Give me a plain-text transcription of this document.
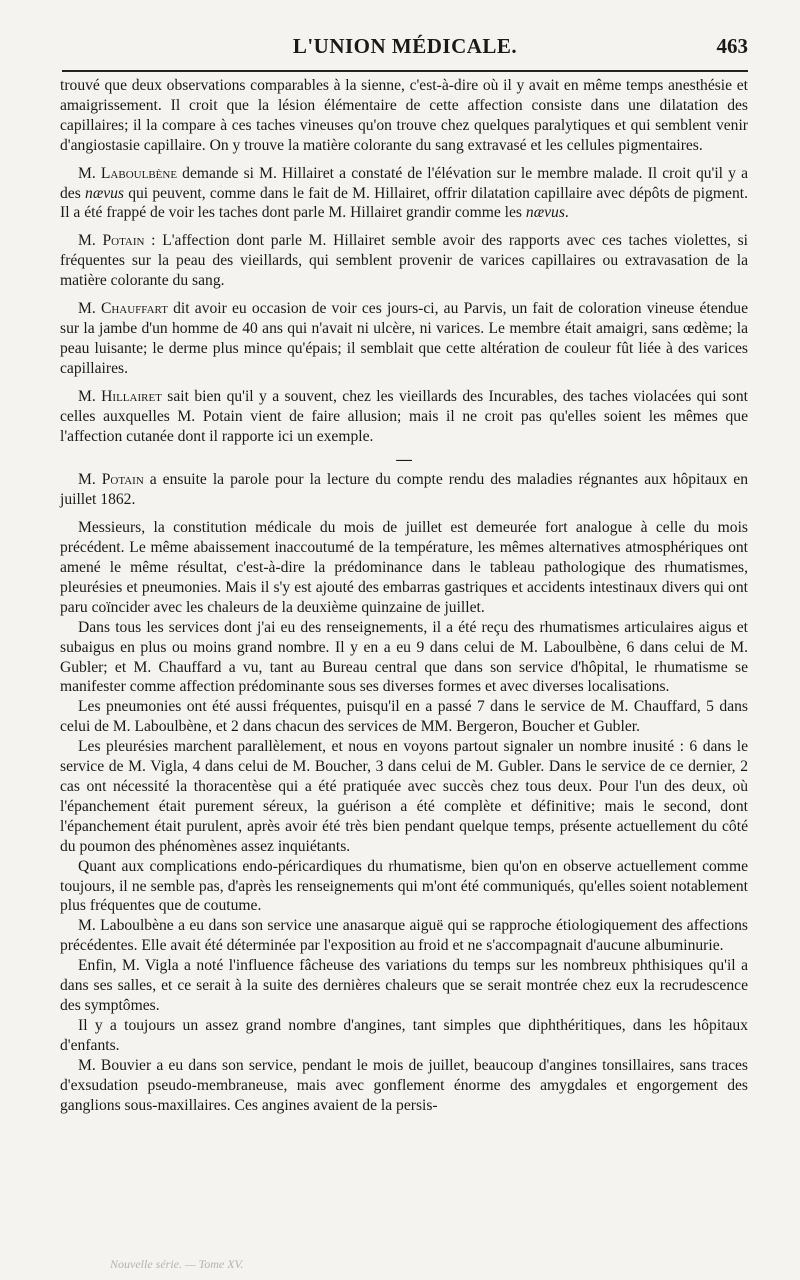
L'UNION MÉDICALE.	463

trouvé que deux observations comparables à la sienne, c'est-à-dire où il y avait en même temps anesthésie et amaigrissement. Il croit que la lésion élémentaire de cette affection consiste dans une dilatation des capillaires; il la compare à ces taches vineuses qu'on trouve chez quelques paralytiques et qui semblent venir d'angiostasie capillaire. On y trouve la matière colorante du sang extravasé et les cellules pigmentaires.

M. Laboulbène demande si M. Hillairet a constaté de l'élévation sur le membre malade. Il croit qu'il y a des nævus qui peuvent, comme dans le fait de M. Hillairet, offrir dilatation capillaire avec dépôts de pigment. Il a été frappé de voir les taches dont parle M. Hillairet grandir comme les nævus.

M. Potain : L'affection dont parle M. Hillairet semble avoir des rapports avec ces taches violettes, si fréquentes sur la peau des vieillards, qui semblent provenir de varices capillaires ou extravasation de la matière colorante du sang.

M. Chauffart dit avoir eu occasion de voir ces jours-ci, au Parvis, un fait de coloration vineuse étendue sur la jambe d'un homme de 40 ans qui n'avait ni ulcère, ni varices. Le membre était amaigri, sans œdème; la peau luisante; le derme plus mince qu'épais; il semblait que cette altération de couleur fût liée à des varices capillaires.

M. Hillairet sait bien qu'il y a souvent, chez les vieillards des Incurables, des taches violacées qui sont celles auxquelles M. Potain vient de faire allusion; mais il ne croit pas qu'elles soient les mêmes que l'affection cutanée dont il rapporte ici un exemple.

—

M. Potain a ensuite la parole pour la lecture du compte rendu des maladies régnantes aux hôpitaux en juillet 1862.

Messieurs, la constitution médicale du mois de juillet est demeurée fort analogue à celle du mois précédent. Le même abaissement inaccoutumé de la température, les mêmes alternatives atmosphériques ont amené le même résultat, c'est-à-dire la prédominance dans le tableau pathologique des rhumatismes, pleurésies et pneumonies. Mais il s'y est ajouté des embarras gastriques et accidents intestinaux divers qui ont paru coïncider avec les chaleurs de la deuxième quinzaine de juillet.

Dans tous les services dont j'ai eu des renseignements, il a été reçu des rhumatismes articulaires aigus et subaigus en plus ou moins grand nombre. Il y en a eu 9 dans celui de M. Laboulbène, 6 dans celui de M. Gubler; et M. Chauffard a vu, tant au Bureau central que dans son service d'hôpital, le rhumatisme se manifester comme affection prédominante sous ses diverses formes et avec diverses localisations.

Les pneumonies ont été aussi fréquentes, puisqu'il en a passé 7 dans le service de M. Chauffard, 5 dans celui de M. Laboulbène, et 2 dans chacun des services de MM. Bergeron, Boucher et Gubler.

Les pleurésies marchent parallèlement, et nous en voyons partout signaler un nombre inusité : 6 dans le service de M. Vigla, 4 dans celui de M. Boucher, 3 dans celui de M. Gubler. Dans le service de ce dernier, 2 cas ont nécessité la thoracentèse qui a été pratiquée avec succès chez tous deux. Pour l'un des deux, où l'épanchement était purement séreux, la guérison a été complète et définitive; mais le second, dont l'épanchement était purulent, après avoir été très bien pendant quelque temps, présente actuellement du côté du poumon des phénomènes assez inquiétants.

Quant aux complications endo-péricardiques du rhumatisme, bien qu'on en observe actuellement comme toujours, il ne semble pas, d'après les renseignements qui m'ont été communiqués, qu'elles soient notablement plus fréquentes que de coutume.

M. Laboulbène a eu dans son service une anasarque aiguë qui se rapproche étiologiquement des affections précédentes. Elle avait été déterminée par l'exposition au froid et ne s'accompagnait d'aucune albuminurie.

Enfin, M. Vigla a noté l'influence fâcheuse des variations du temps sur les nombreux phthisiques qu'il a dans ses salles, et ce serait à la suite des dernières chaleurs que se serait montrée chez eux la recrudescence des symptômes.

Il y a toujours un assez grand nombre d'angines, tant simples que diphthéritiques, dans les hôpitaux d'enfants.

M. Bouvier a eu dans son service, pendant le mois de juillet, beaucoup d'angines tonsillaires, sans traces d'exsudation pseudo-membraneuse, mais avec gonflement énorme des amygdales et engorgement des ganglions sous-maxillaires. Ces angines avaient de la persis-

Nouvelle série. — Tome XV.
